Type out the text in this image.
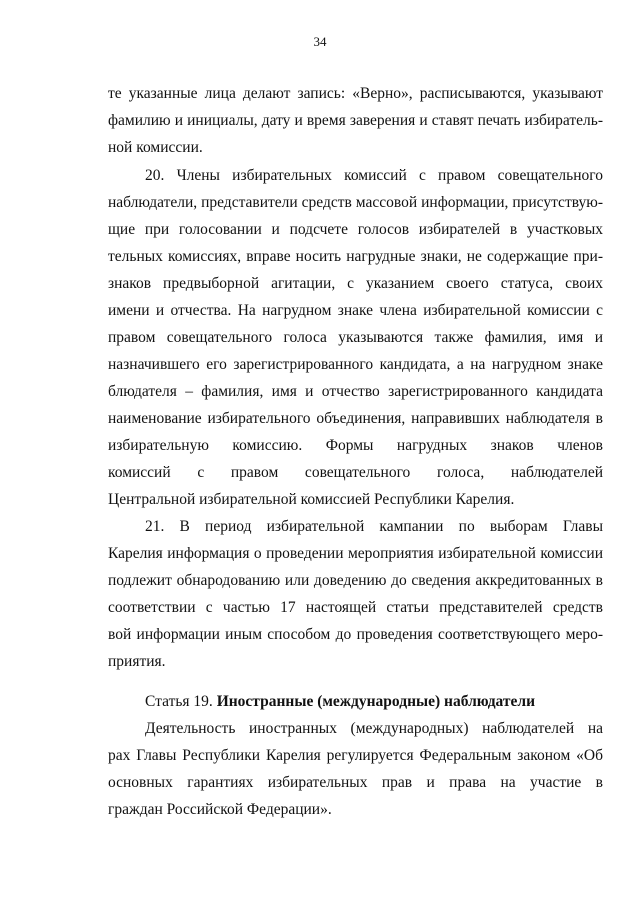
34
те указанные лица делают запись: «Верно», расписываются, указывают
фамилию и инициалы, дату и время заверения и ставят печать избиратель-
ной комиссии.
20. Члены избирательных комиссий с правом совещательного
наблюдатели, представители средств массовой информации, присутствую-
щие при голосовании и подсчете голосов избирателей в участковых
тельных комиссиях, вправе носить нагрудные знаки, не содержащие при-
знаков предвыборной агитации, с указанием своего статуса, своих
имени и отчества. На нагрудном знаке члена избирательной комиссии с
правом совещательного голоса указываются также фамилия, имя и
назначившего его зарегистрированного кандидата, а на нагрудном знаке
блюдателя – фамилия, имя и отчество зарегистрированного кандидата
наименование избирательного объединения, направивших наблюдателя в
избирательную комиссию. Формы нагрудных знаков членов
комиссий с правом совещательного голоса, наблюдателей
Центральной избирательной комиссией Республики Карелия.
21. В период избирательной кампании по выборам Главы
Карелия информация о проведении мероприятия избирательной комиссии
подлежит обнародованию или доведению до сведения аккредитованных в
соответствии с частью 17 настоящей статьи представителей средств
вой информации иным способом до проведения соответствующего меро-
приятия.
Статья 19. Иностранные (международные) наблюдатели
Деятельность иностранных (международных) наблюдателей на
рах Главы Республики Карелия регулируется Федеральным законом «Об
основных гарантиях избирательных прав и права на участие в
граждан Российской Федерации».
